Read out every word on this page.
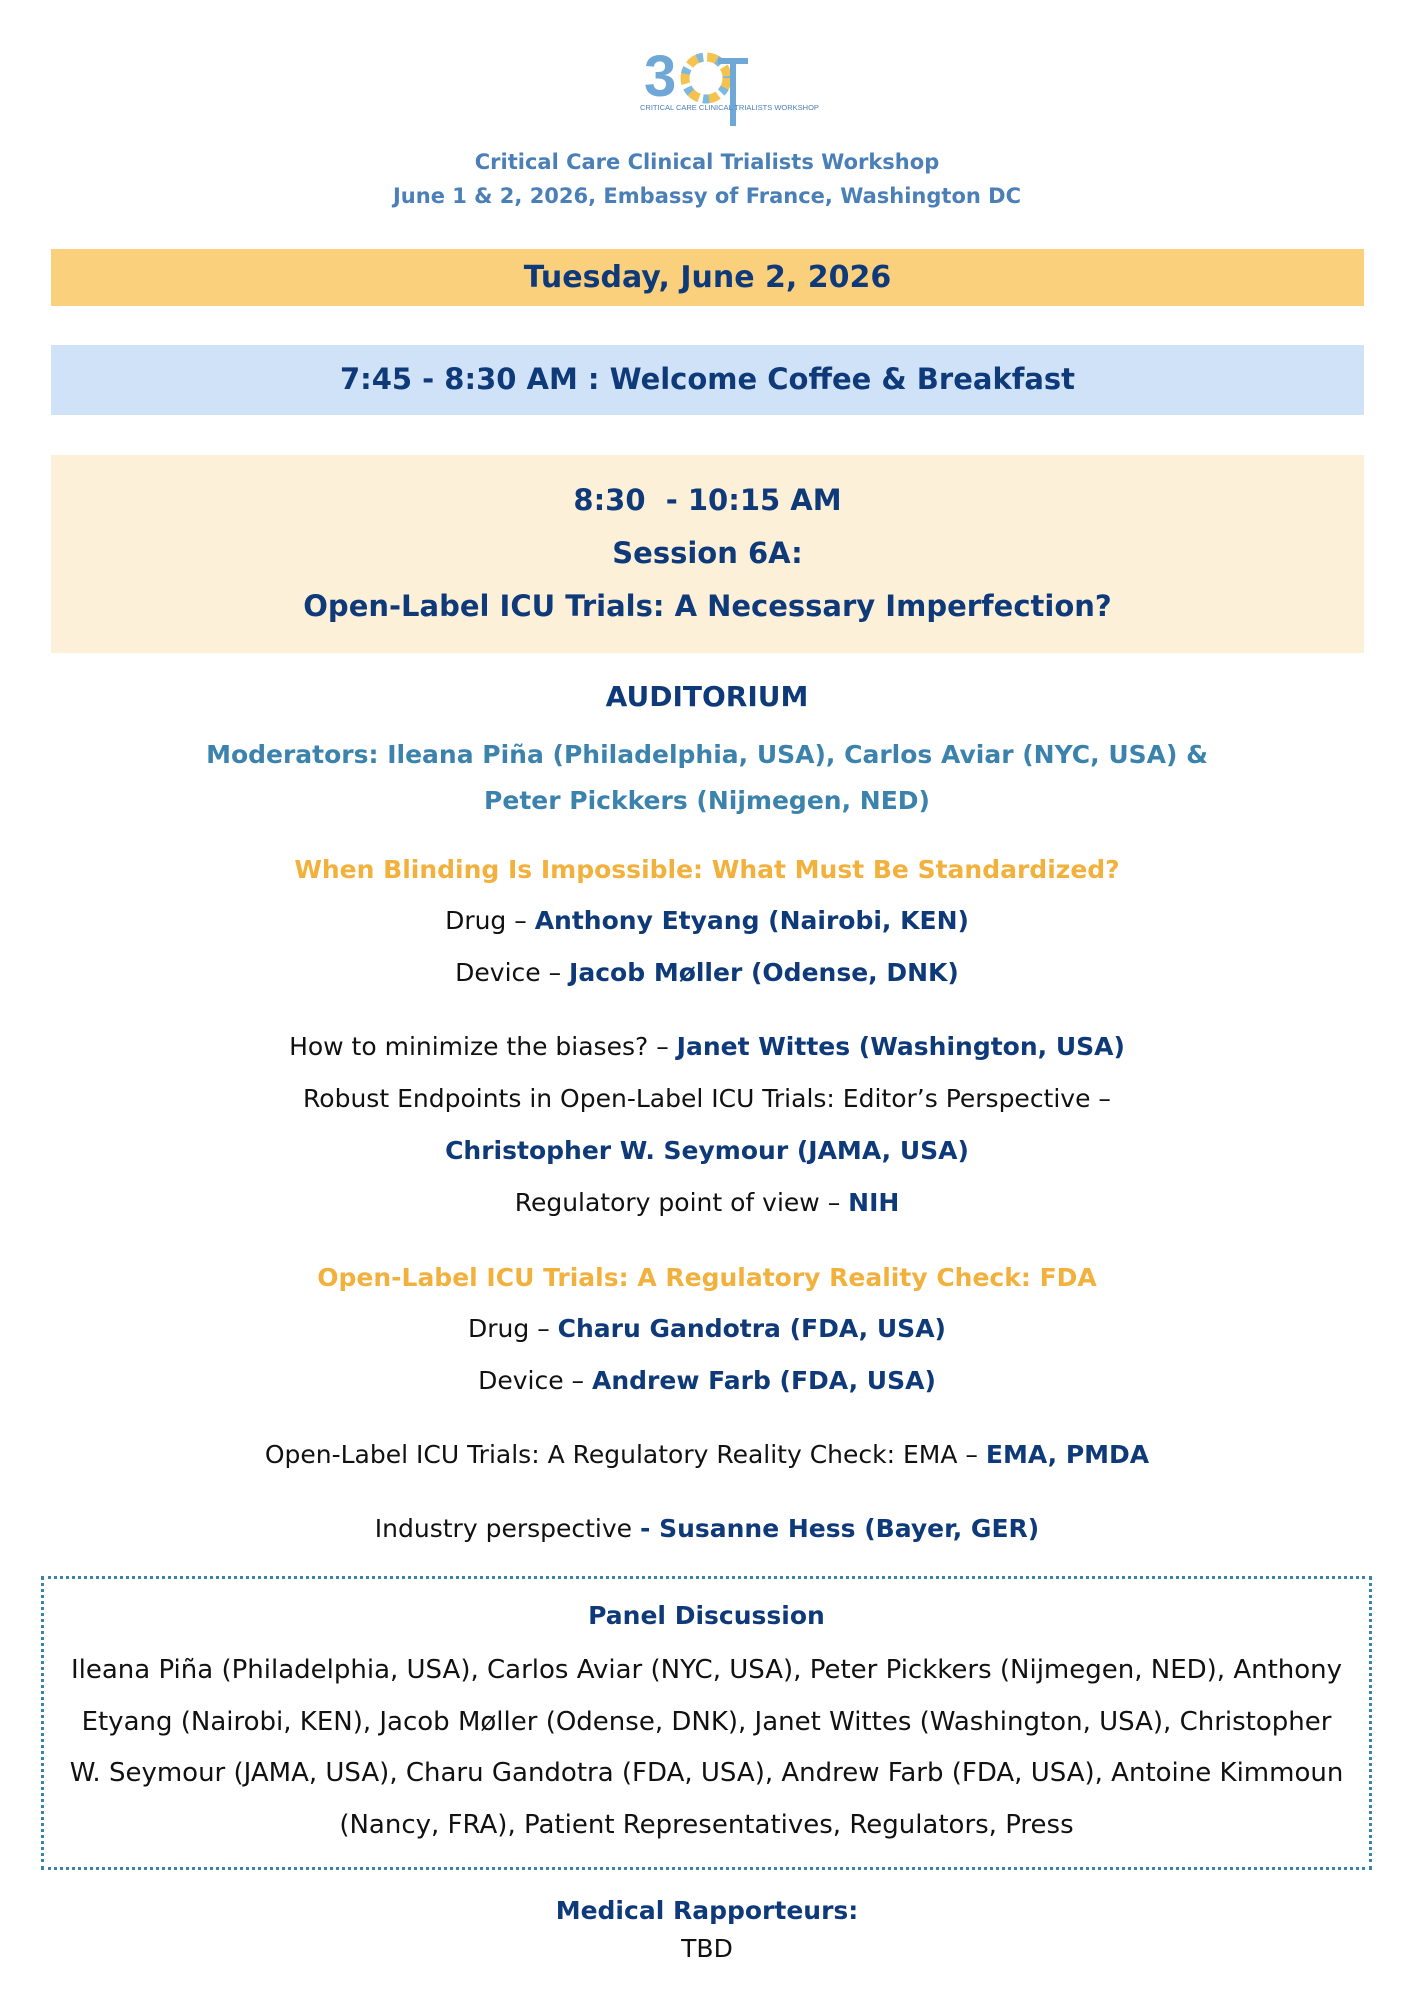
3
CRITICAL CARE CLINICAL TRIALISTS WORKSHOP
Critical Care Clinical Trialists Workshop
June 1 & 2, 2026, Embassy of France, Washington DC
Tuesday, June 2, 2026
7:45 - 8:30 AM : Welcome Coffee & Breakfast
8:30  - 10:15 AM
Session 6A:
Open-Label ICU Trials: A Necessary Imperfection?
AUDITORIUM
Moderators: Ileana Piña (Philadelphia, USA), Carlos Aviar (NYC, USA) &
Peter Pickkers (Nijmegen, NED)
When Blinding Is Impossible: What Must Be Standardized?
Drug – Anthony Etyang (Nairobi, KEN)
Device – Jacob Møller (Odense, DNK)
How to minimize the biases? – Janet Wittes (Washington, USA)
Robust Endpoints in Open-Label ICU Trials: Editor’s Perspective –
Christopher W. Seymour (JAMA, USA)
Regulatory point of view – NIH
Open-Label ICU Trials: A Regulatory Reality Check: FDA
Drug – Charu Gandotra (FDA, USA)
Device – Andrew Farb (FDA, USA)
Open-Label ICU Trials: A Regulatory Reality Check: EMA – EMA, PMDA
Industry perspective - Susanne Hess (Bayer, GER)
Panel Discussion
Ileana Piña (Philadelphia, USA), Carlos Aviar (NYC, USA), Peter Pickkers (Nijmegen, NED), Anthony Etyang (Nairobi, KEN), Jacob Møller (Odense, DNK), Janet Wittes (Washington, USA), Christopher W. Seymour (JAMA, USA), Charu Gandotra (FDA, USA), Andrew Farb (FDA, USA), Antoine Kimmoun (Nancy, FRA), Patient Representatives, Regulators, Press
Medical Rapporteurs:
TBD
